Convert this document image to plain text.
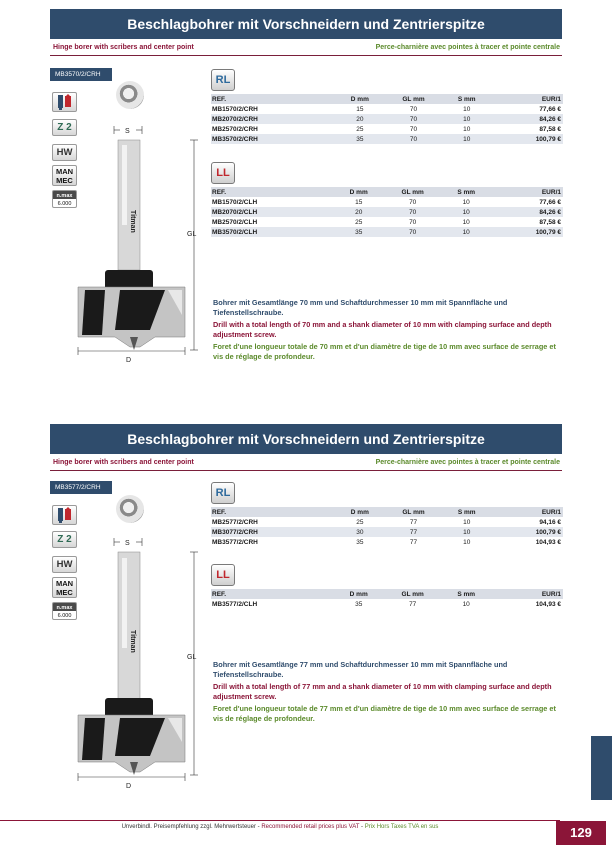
Beschlagbohrer mit Vorschneidern und Zentrierspitze
Hinge borer with scribers and center point	Perce-charnière avec pointes à tracer et pointe centrale
MB3570/2/CRH
Z 2
HW
MAN
MEC
n.max
6.000
S
Titman
D
GL
RL
REF.	D mm	GL mm	S mm	EUR/1
MB1570/2/CRH	15	70	10	77,66 €
MB2070/2/CRH	20	70	10	84,26 €
MB2570/2/CRH	25	70	10	87,58 €
MB3570/2/CRH	35	70	10	100,79 €
LL
REF.	D mm	GL mm	S mm	EUR/1
MB1570/2/CLH	15	70	10	77,66 €
MB2070/2/CLH	20	70	10	84,26 €
MB2570/2/CLH	25	70	10	87,58 €
MB3570/2/CLH	35	70	10	100,79 €

Bohrer mit Gesamtlänge 70 mm und Schaftdurchmesser 10 mm mit Spannfläche und Tiefenstellschraube.

Drill with a total length of 70 mm and a shank diameter of 10 mm with clamping surface and depth adjustment screw.

Foret d'une longueur totale de 70 mm et d'un diamètre de tige de 10 mm avec surface de serrage et vis de réglage de profondeur.

Beschlagbohrer mit Vorschneidern und Zentrierspitze
Hinge borer with scribers and center point	Perce-charnière avec pointes à tracer et pointe centrale
MB3577/2/CRH
Z 2
HW
MAN
MEC
n.max
6.000
S
Titman
D
GL
RL
REF.	D mm	GL mm	S mm	EUR/1
MB2577/2/CRH	25	77	10	94,16 €
MB3077/2/CRH	30	77	10	100,79 €
MB3577/2/CRH	35	77	10	104,93 €
LL
REF.	D mm	GL mm	S mm	EUR/1
MB3577/2/CLH	35	77	10	104,93 €

Bohrer mit Gesamtlänge 77 mm und Schaftdurchmesser 10 mm mit Spannfläche und Tiefenstellschraube.

Drill with a total length of 77 mm and a shank diameter of 10 mm with clamping surface and depth adjustment screw.

Foret d'une longueur totale de 77 mm et d'un diamètre de tige de 10 mm avec surface de serrage et vis de réglage de profondeur.

Unverbindl. Preisempfehlung zzgl. Mehrwertsteuer - Recommended retail prices plus VAT - Prix Hors Taxes TVA en sus	129
